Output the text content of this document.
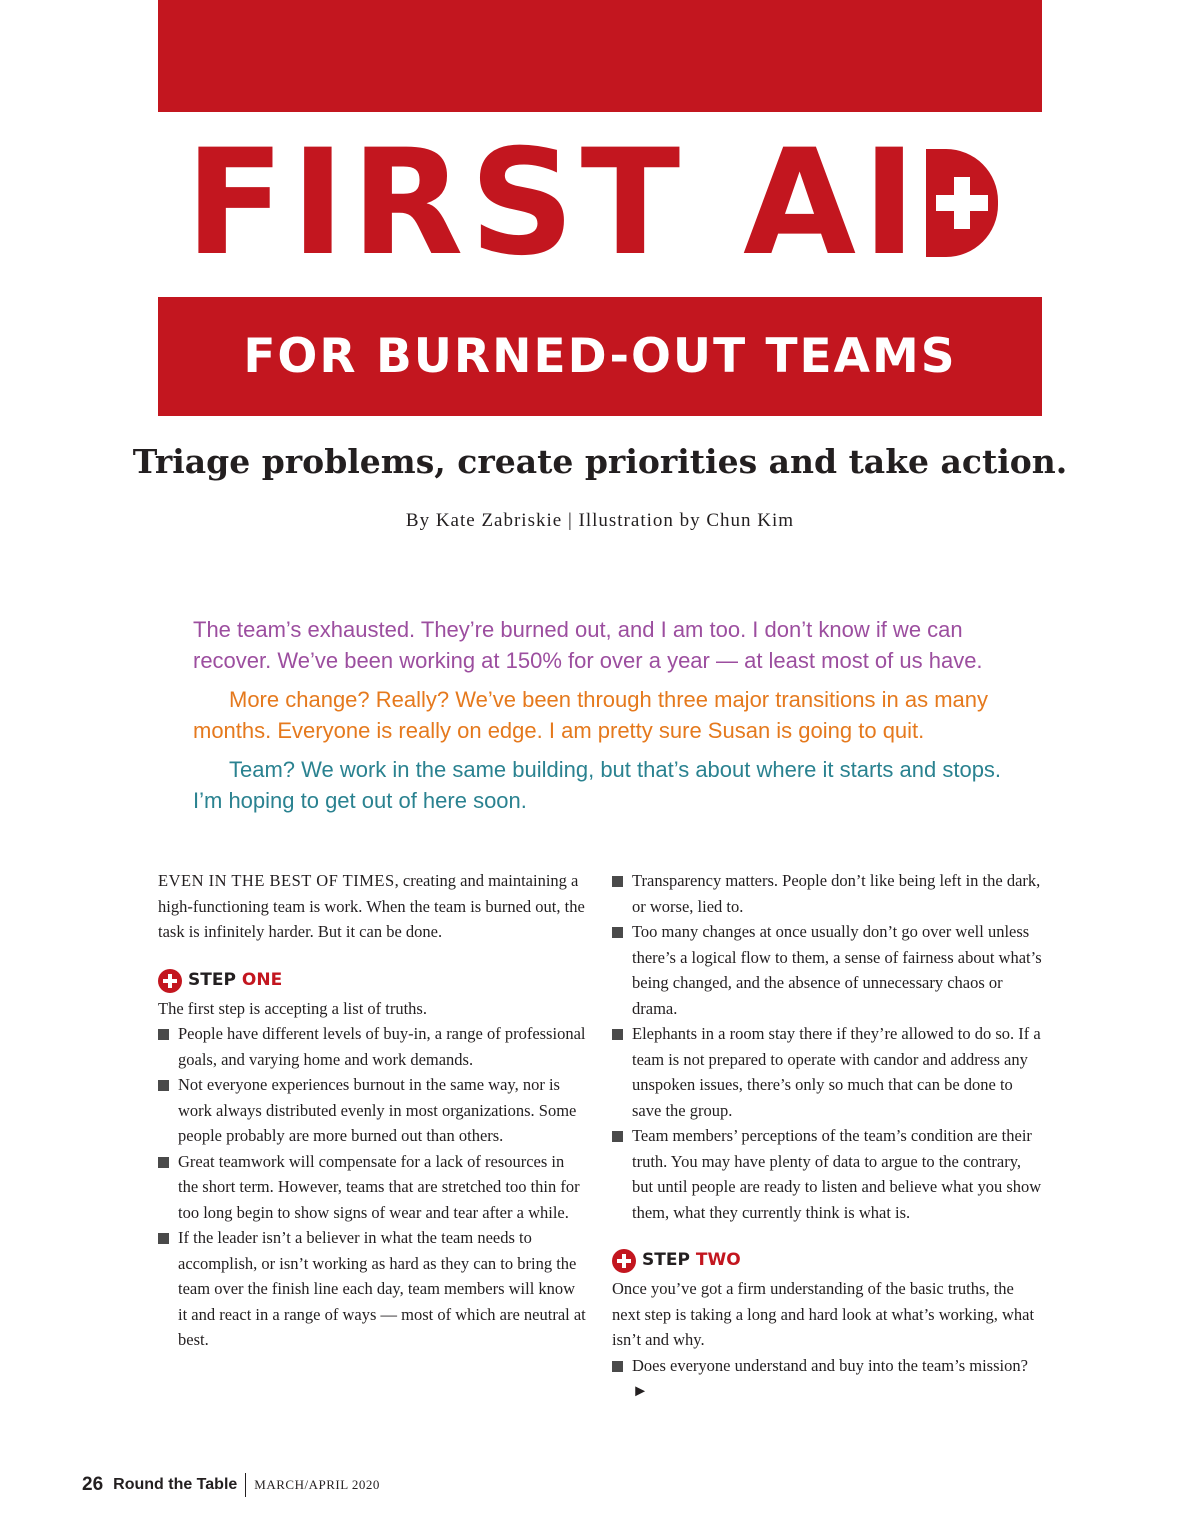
FIRST AI
FOR BURNED-OUT TEAMS
Triage problems, create priorities and take action.
By Kate Zabriskie | Illustration by Chun Kim

The team’s exhausted. They’re burned out, and I am too. I don’t know if we can recover. We’ve been working at 150% for over a year — at least most of us have.

More change? Really? We’ve been through three major transitions in as many months. Everyone is really on edge. I am pretty sure Susan is going to quit.

Team? We work in the same building, but that’s about where it starts and stops. I’m hoping to get out of here soon.

EVEN IN THE BEST OF TIMES, creating and maintaining a high-functioning team is work. When the team is burned out, the task is infinitely harder. But it can be done.

STEP ONE

The first step is accepting a list of truths.

People have different levels of buy-in, a range of professional goals, and varying home and work demands.
Not everyone experiences burnout in the same way, nor is work always distributed evenly in most organizations. Some people probably are more burned out than others.
Great teamwork will compensate for a lack of resources in the short term. However, teams that are stretched too thin for too long begin to show signs of wear and tear after a while.
If the leader isn’t a believer in what the team needs to accomplish, or isn’t working as hard as they can to bring the team over the finish line each day, team members will know it and react in a range of ways — most of which are neutral at best.
Transparency matters. People don’t like being left in the dark, or worse, lied to.
Too many changes at once usually don’t go over well unless there’s a logical flow to them, a sense of fairness about what’s being changed, and the absence of unnecessary chaos or drama.
Elephants in a room stay there if they’re allowed to do so. If a team is not prepared to operate with candor and address any unspoken issues, there’s only so much that can be done to save the group.
Team members’ perceptions of the team’s condition are their truth. You may have plenty of data to argue to the contrary, but until people are ready to listen and believe what you show them, what they currently think is what is.
STEP TWO

Once you’ve got a firm understanding of the basic truths, the next step is taking a long and hard look at what’s working, what isn’t and why.

Does everyone understand and buy into the team’s mission? ►
26 Round the Table MARCH/APRIL 2020
